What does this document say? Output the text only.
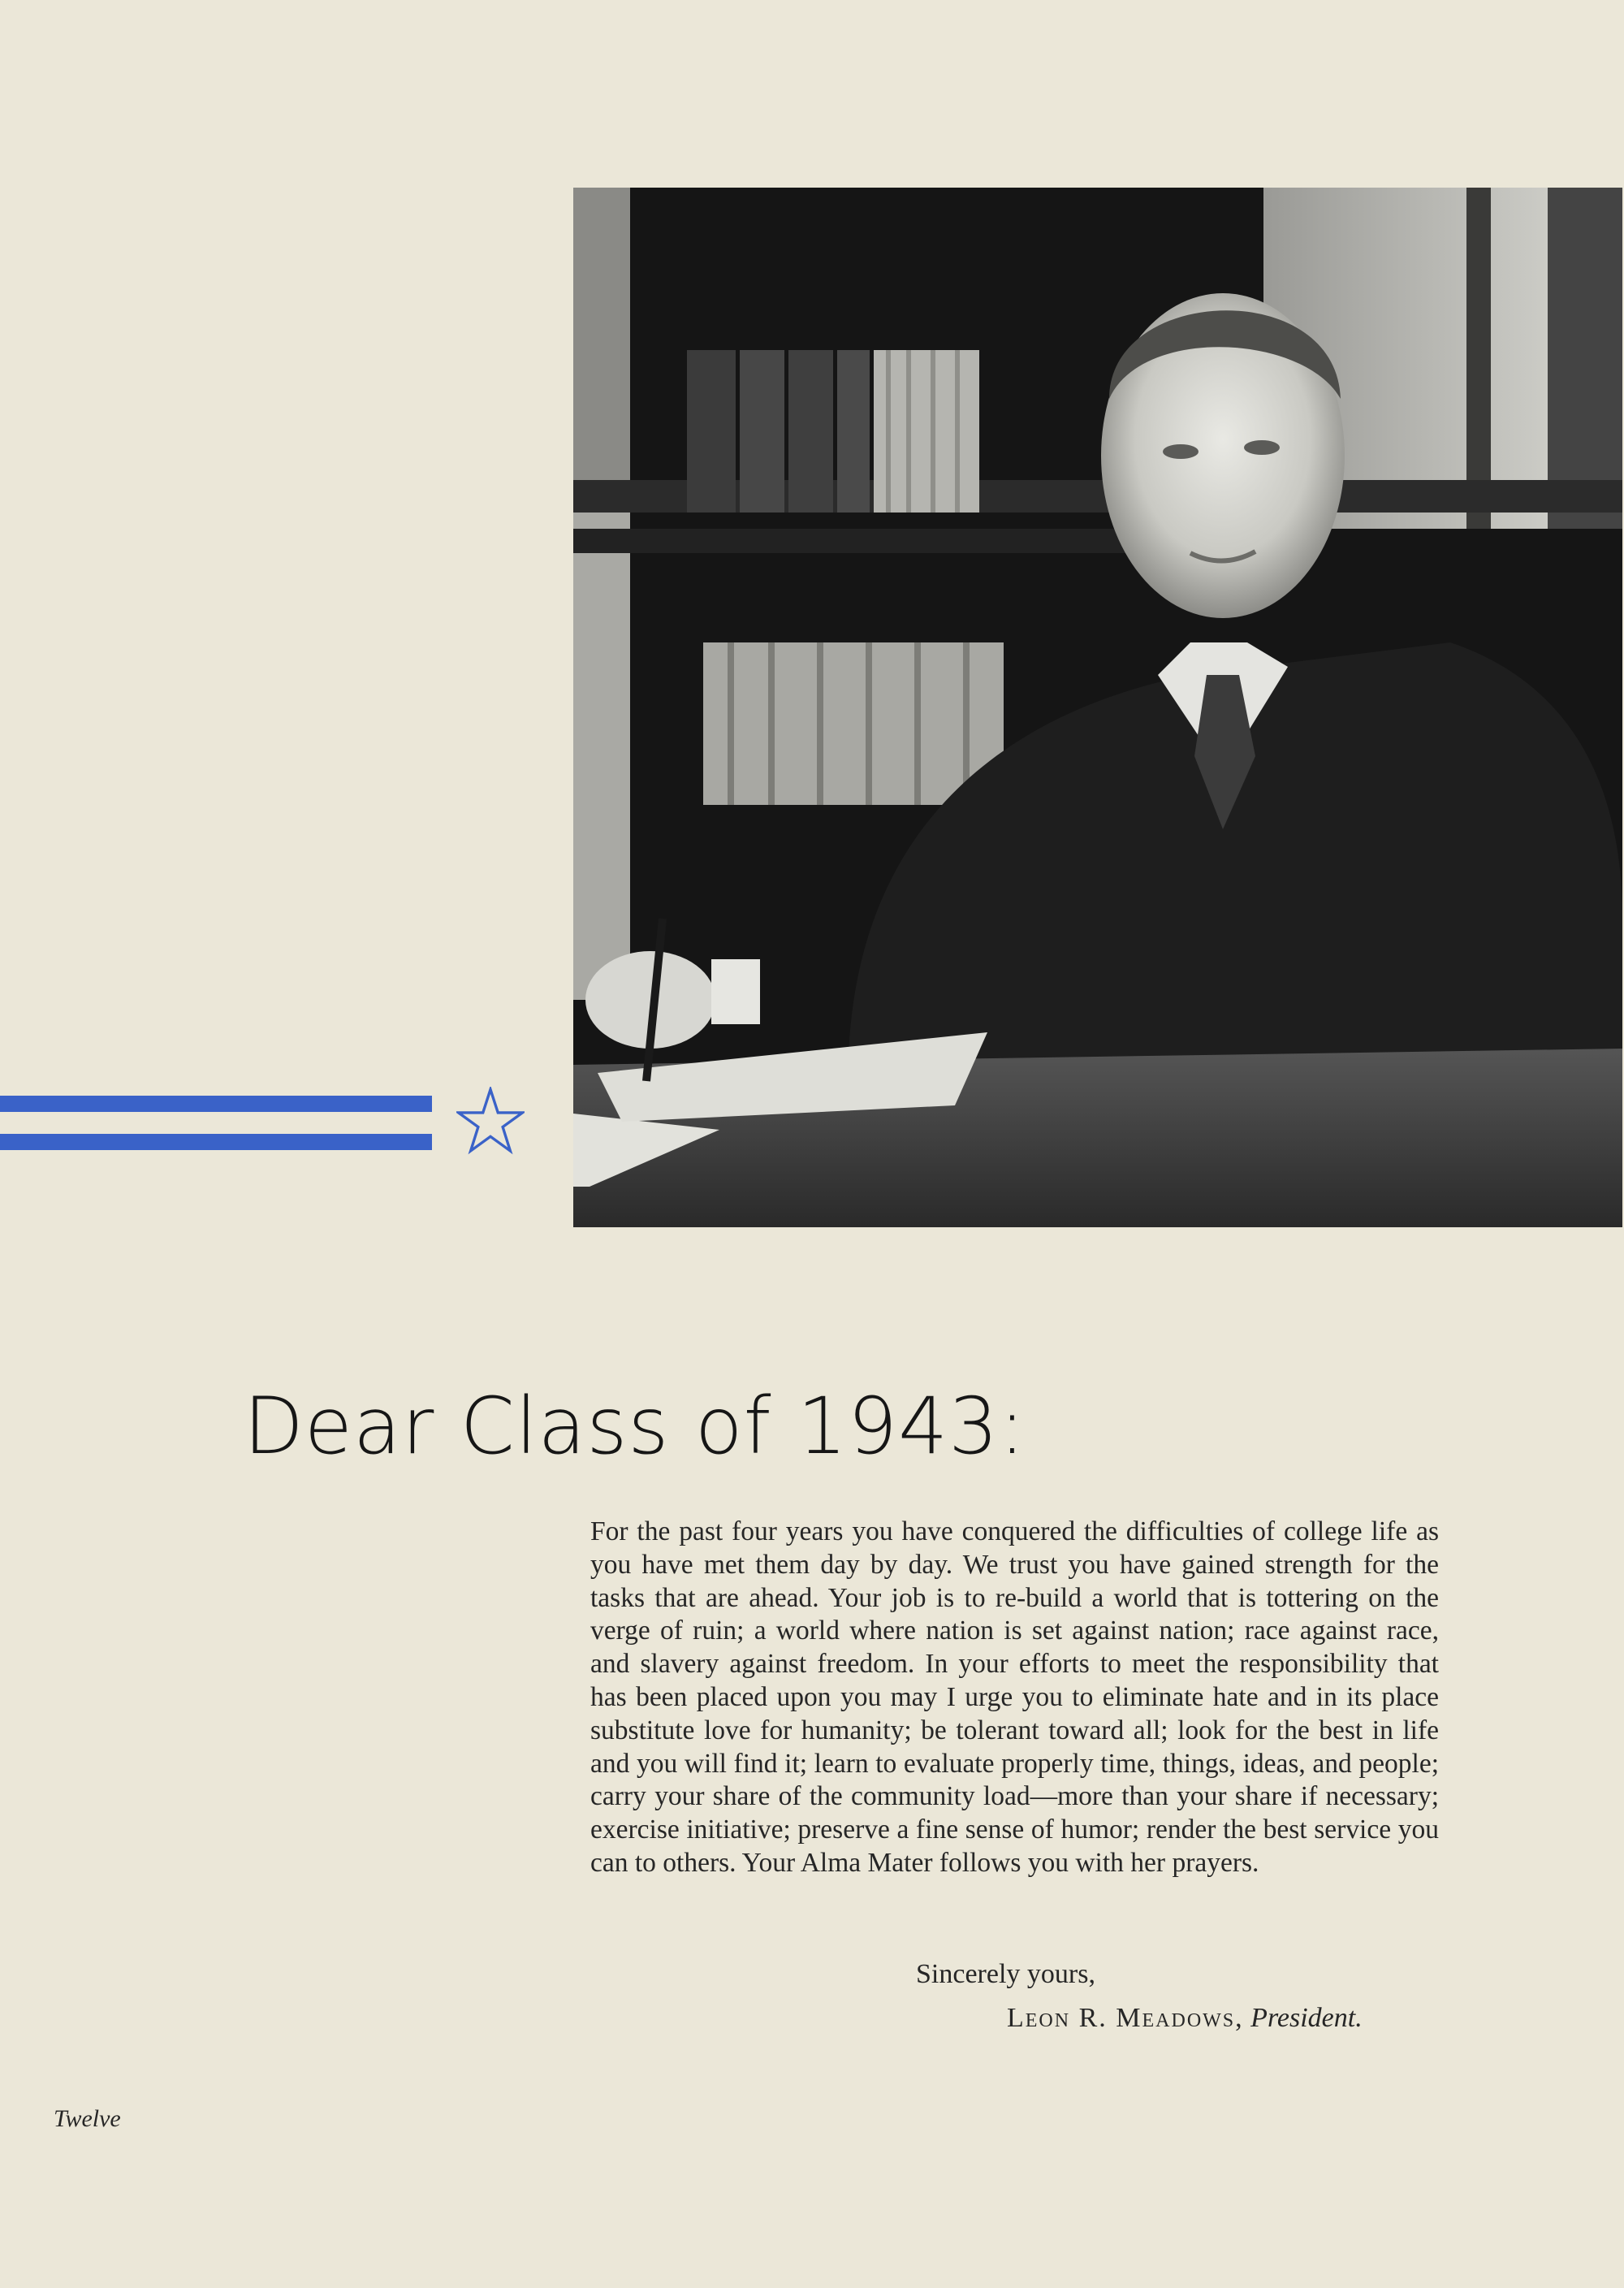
Dear Class of 1943:

For the past four years you have conquered the difficulties of college life as you have met them day by day. We trust you have gained strength for the tasks that are ahead. Your job is to re-build a world that is tottering on the verge of ruin; a world where nation is set against nation; race against race, and slavery against freedom. In your efforts to meet the responsibility that has been placed upon you may I urge you to eliminate hate and in its place substitute love for humanity; be tolerant toward all; look for the best in life and you will find it; learn to evaluate properly time, things, ideas, and people; carry your share of the community load—more than your share if necessary; exercise initiative; preserve a fine sense of humor; render the best service you can to others. Your Alma Mater follows you with her prayers.

Sincerely yours,
Leon R. Meadows, President.
Twelve
